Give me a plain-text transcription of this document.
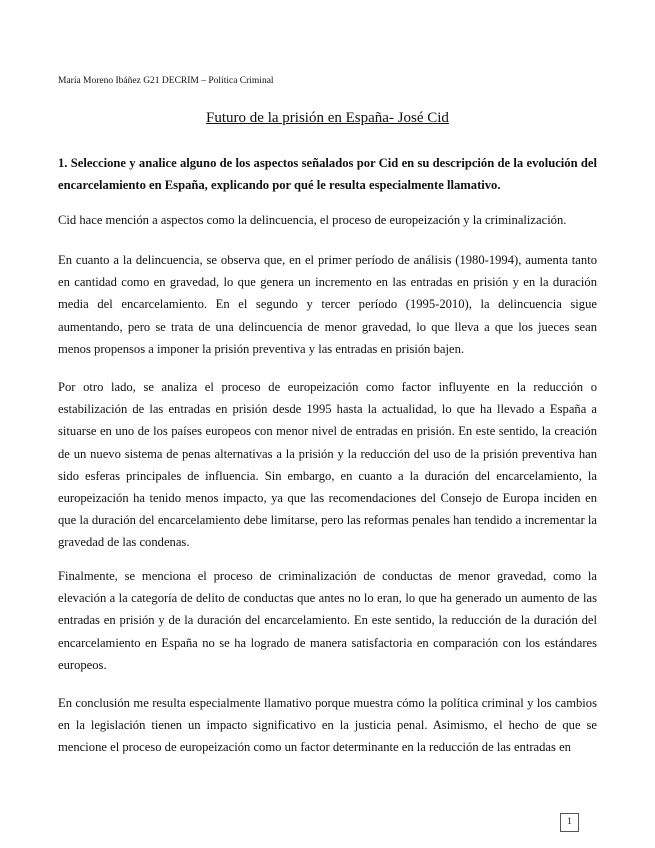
María Moreno Ibáñez G21 DECRIM – Política Criminal
Futuro de la prisión en España- José Cid

1. Seleccione y analice alguno de los aspectos señalados por Cid en su descripción de la evolución del encarcelamiento en España, explicando por qué le resulta especialmente llamativo.

Cid hace mención a aspectos como la delincuencia, el proceso de europeización y la criminalización.

En cuanto a la delincuencia, se observa que, en el primer período de análisis (1980-1994), aumenta tanto en cantidad como en gravedad, lo que genera un incremento en las entradas en prisión y en la duración media del encarcelamiento. En el segundo y tercer período (1995-2010), la delincuencia sigue aumentando, pero se trata de una delincuencia de menor gravedad, lo que lleva a que los jueces sean menos propensos a imponer la prisión preventiva y las entradas en prisión bajen.

Por otro lado, se analiza el proceso de europeización como factor influyente en la reducción o estabilización de las entradas en prisión desde 1995 hasta la actualidad, lo que ha llevado a España a situarse en uno de los países europeos con menor nivel de entradas en prisión. En este sentido, la creación de un nuevo sistema de penas alternativas a la prisión y la reducción del uso de la prisión preventiva han sido esferas principales de influencia. Sin embargo, en cuanto a la duración del encarcelamiento, la europeización ha tenido menos impacto, ya que las recomendaciones del Consejo de Europa inciden en que la duración del encarcelamiento debe limitarse, pero las reformas penales han tendido a incrementar la gravedad de las condenas.

Finalmente, se menciona el proceso de criminalización de conductas de menor gravedad, como la elevación a la categoría de delito de conductas que antes no lo eran, lo que ha generado un aumento de las entradas en prisión y de la duración del encarcelamiento. En este sentido, la reducción de la duración del encarcelamiento en España no se ha logrado de manera satisfactoria en comparación con los estándares europeos.

En conclusión me resulta especialmente llamativo porque muestra cómo la política criminal y los cambios en la legislación tienen un impacto significativo en la justicia penal. Asimismo, el hecho de que se mencione el proceso de europeización como un factor determinante en la reducción de las entradas en

1
